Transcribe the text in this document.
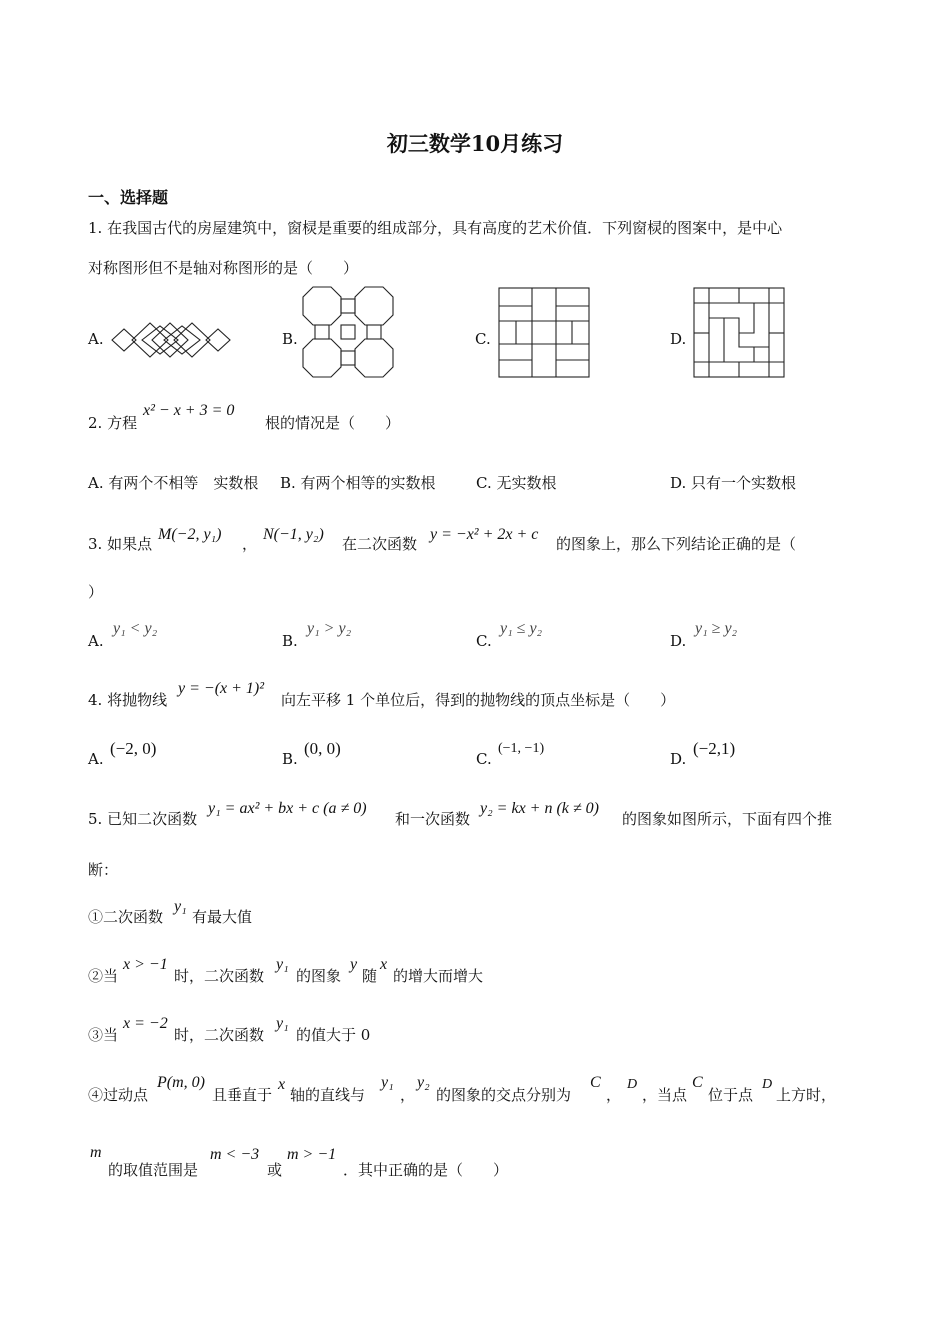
初三数学10月练习
一、选择题
1. 在我国古代的房屋建筑中，窗棂是重要的组成部分，具有高度的艺术价值．下列窗棂的图案中，是中心
对称图形但不是轴对称图形的是（　　）
A.	B.	C.	D.
2. 方程
x² − x + 3 = 0
根的情况是（　　）
A. 有两个不相等　实数根 B. 有两个相等的实数根	C. 无实数根	D. 只有一个实数根
3. 如果点
M(−2, y₁)
，
N(−1, y₂)
在二次函数
y = −x² + 2x + c
的图象上，那么下列结论正确的是（
）
A.
y₁ < y₂
B.
y₁ > y₂
C.
y₁ ≤ y₂
D.
y₁ ≥ y₂
4. 将抛物线
y = −(x + 1)²
向左平移 1 个单位后，得到的抛物线的顶点坐标是（　　）
A.
(−2, 0)
B.
(0, 0)
C.
(−1, −1)
D.
(−2,1)
5. 已知二次函数
y₁ = ax² + bx + c (a ≠ 0)
和一次函数
y₂ = kx + n (k ≠ 0)
的图象如图所示，下面有四个推
断：
①二次函数
y₁
有最大值
②当
x > −1
时，二次函数
y₁
的图象
y
随
x
的增大而增大
③当
x = −2
时，二次函数
y₁
的值大于 0
④过动点
P(m, 0)
且垂直于
x
轴的直线与
y₁
，
y₂
的图象的交点分别为
C
，
D
，当点
C
位于点
D
上方时，
m
的取值范围是
m < −3
或
m > −1
．其中正确的是（　　）
